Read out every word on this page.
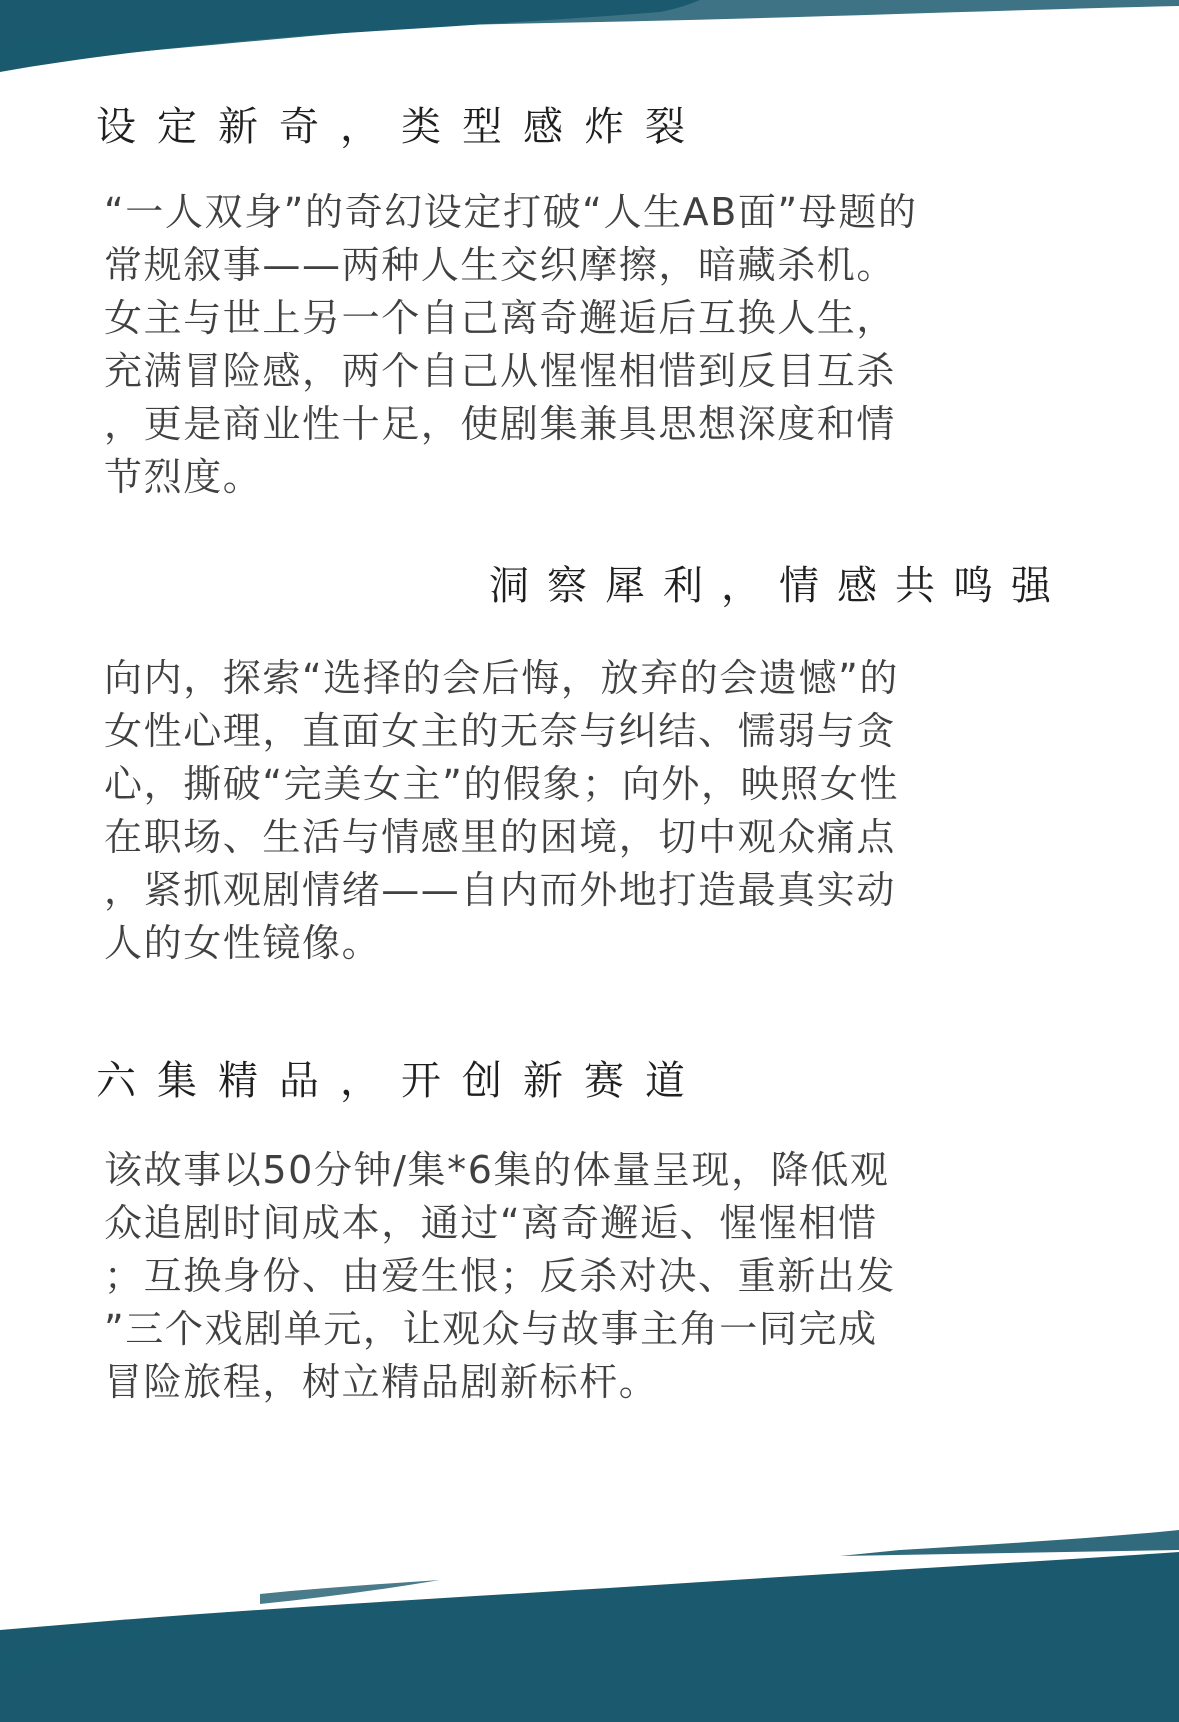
设定新奇，类型感炸裂
“一人双身”的奇幻设定打破“人生AB面”母题的
常规叙事——两种人生交织摩擦，暗藏杀机。
女主与世上另一个自己离奇邂逅后互换人生，
充满冒险感，两个自己从惺惺相惜到反目互杀
，更是商业性十足，使剧集兼具思想深度和情
节烈度。
洞察犀利，情感共鸣强
向内，探索“选择的会后悔，放弃的会遗憾”的
女性心理，直面女主的无奈与纠结、懦弱与贪
心，撕破“完美女主”的假象；向外，映照女性
在职场、生活与情感里的困境，切中观众痛点
，紧抓观剧情绪——自内而外地打造最真实动
人的女性镜像。
六集精品，开创新赛道
该故事以50分钟/集*6集的体量呈现，降低观
众追剧时间成本，通过“离奇邂逅、惺惺相惜
；互换身份、由爱生恨；反杀对决、重新出发
”三个戏剧单元，让观众与故事主角一同完成
冒险旅程，树立精品剧新标杆。
